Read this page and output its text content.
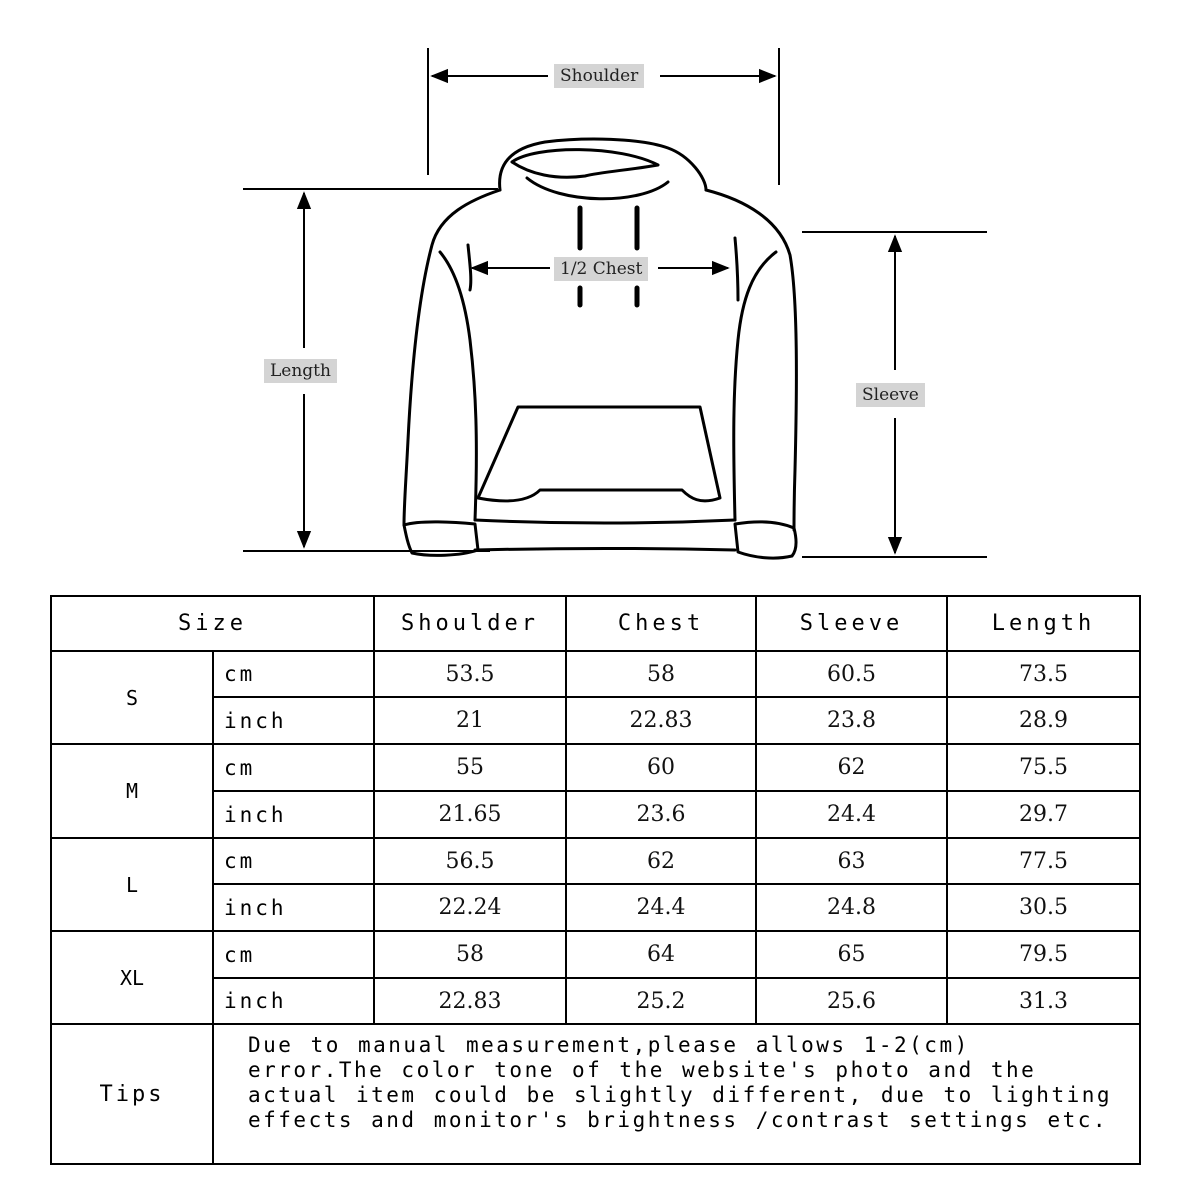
Shoulder
1/2 Chest
Length
Sleeve
Size		Shoulder	Chest	Sleeve	Length
S	cm	53.5	58	60.5	73.5
	inch	21	22.83	23.8	28.9
M	cm	55	60	62	75.5
	inch	21.65	23.6	24.4	29.7
L	cm	56.5	62	63	77.5
	inch	22.24	24.4	24.8	30.5
XL	cm	58	64	65	79.5
	inch	22.83	25.2	25.6	31.3
Tips	Due to manual measurement,please allows 1-2(cm) error.The color tone of the website's photo and the actual item could be slightly different, due to lighting effects and monitor's brightness /contrast settings etc.				
